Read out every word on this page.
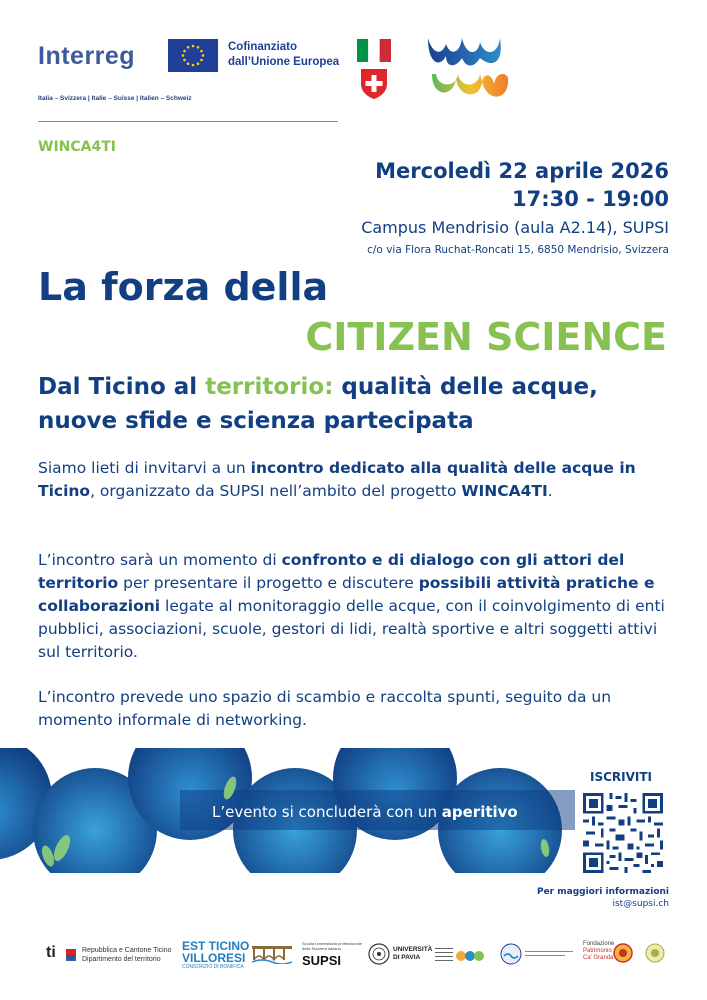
Interreg	Cofinanziato
dall’Unione Europea
Italia – Svizzera | Italie – Suisse | Italien – Schweiz
WINCA4TI
Mercoledì 22 aprile 2026
17:30 - 19:00
Campus Mendrisio (aula A2.14), SUPSI
c/o via Flora Ruchat-Roncati 15, 6850 Mendrisio, Svizzera
La forza della
CITIZEN SCIENCE
Dal Ticino al territorio: qualità delle acque, nuove sfide e scienza partecipata
Siamo lieti di invitarvi a un incontro dedicato alla qualità delle acque in Ticino, organizzato da SUPSI nell’ambito del progetto WINCA4TI.
L’incontro sarà un momento di confronto e di dialogo con gli attori del territorio per presentare il progetto e discutere possibili attività pratiche e collaborazioni legate al monitoraggio delle acque, con il coinvolgimento di enti pubblici, associazioni, scuole, gestori di lidi, realtà sportive e altri soggetti attivi sul territorio.
L’incontro prevede uno spazio di scambio e raccolta spunti, seguito da un momento informale di networking.
L’evento si concluderà con un aperitivo
ISCRIVITI
Per maggiori informazioni
ist@supsi.ch
ti	Repubblica e Cantone Ticino
Dipartimento del territorio
EST TICINO
VILLORESI
CONSORZIO DI BONIFICA
Scuola universitaria professionale della Svizzera italiana
SUPSI
UNIVERSITÀ
DI PAVIA
Fondazione
Patrimonio
Ca' Granda
